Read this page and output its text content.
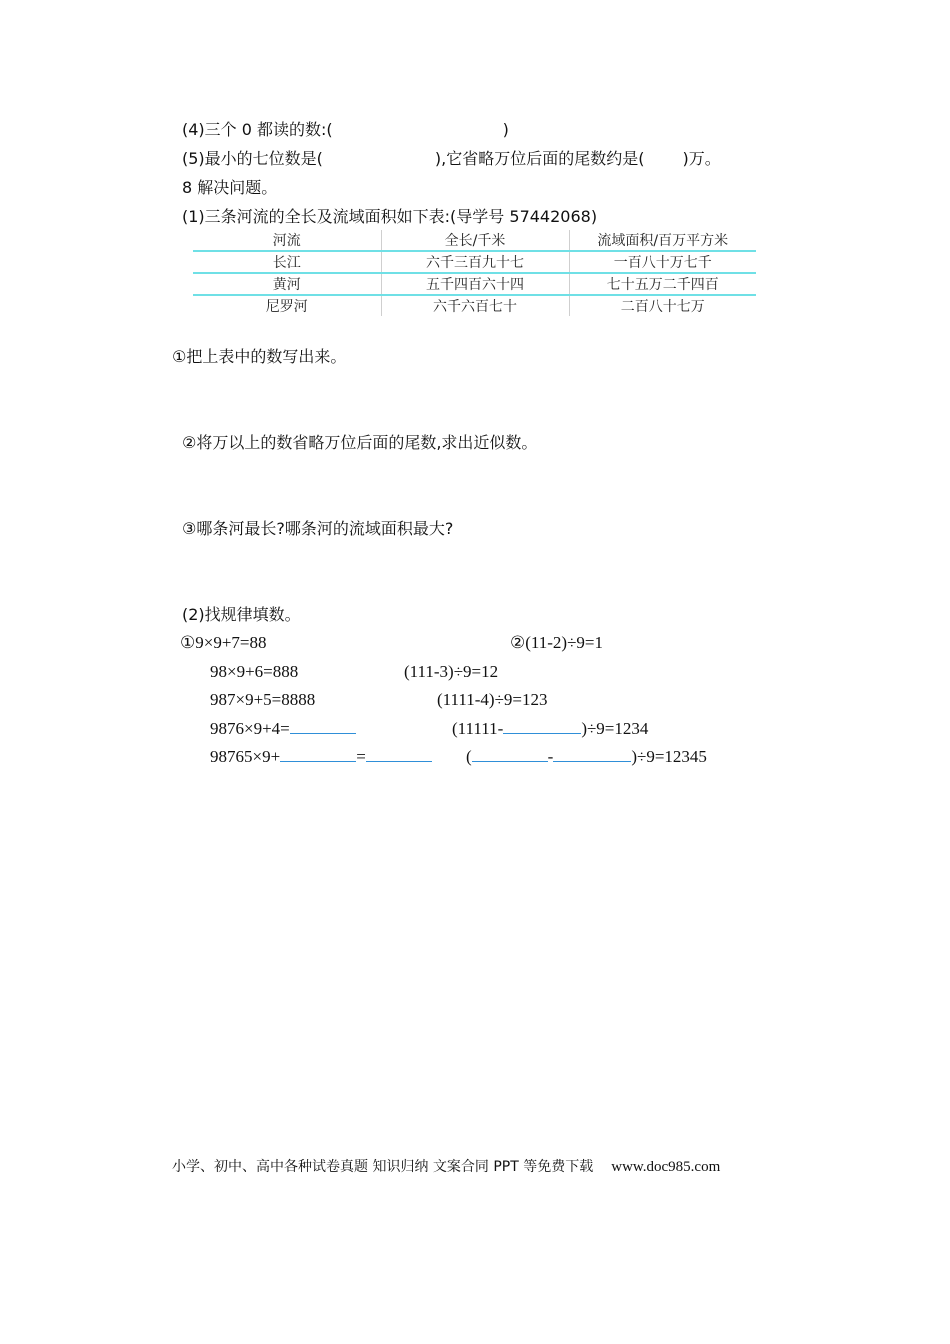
(4)三个 0 都读的数:(	)
(5)最小的七位数是(	),它省略万位后面的尾数约是( )万。
8 解决问题。
(1)三条河流的全长及流域面积如下表:(导学号 57442068)
河流	全长/千米	流域面积/百万平方米
长江	六千三百九十七	一百八十万七千
黄河	五千四百六十四	七十五万二千四百
尼罗河	六千六百七十	二百八十七万
①把上表中的数写出来。
②将万以上的数省略万位后面的尾数,求出近似数。
③哪条河最长?哪条河的流域面积最大?
(2)找规律填数。
①9×9+7=88
98×9+6=888
987×9+5=8888
9876×9+4=
98765×9+	=
②(11-2)÷9=1
(111-3)÷9=12
(1111-4)÷9=123
(11111-	)÷9=1234
(	-	)÷9=12345
小学、初中、高中各种试卷真题 知识归纳 文案合同 PPT 等免费下载 www.doc985.com
